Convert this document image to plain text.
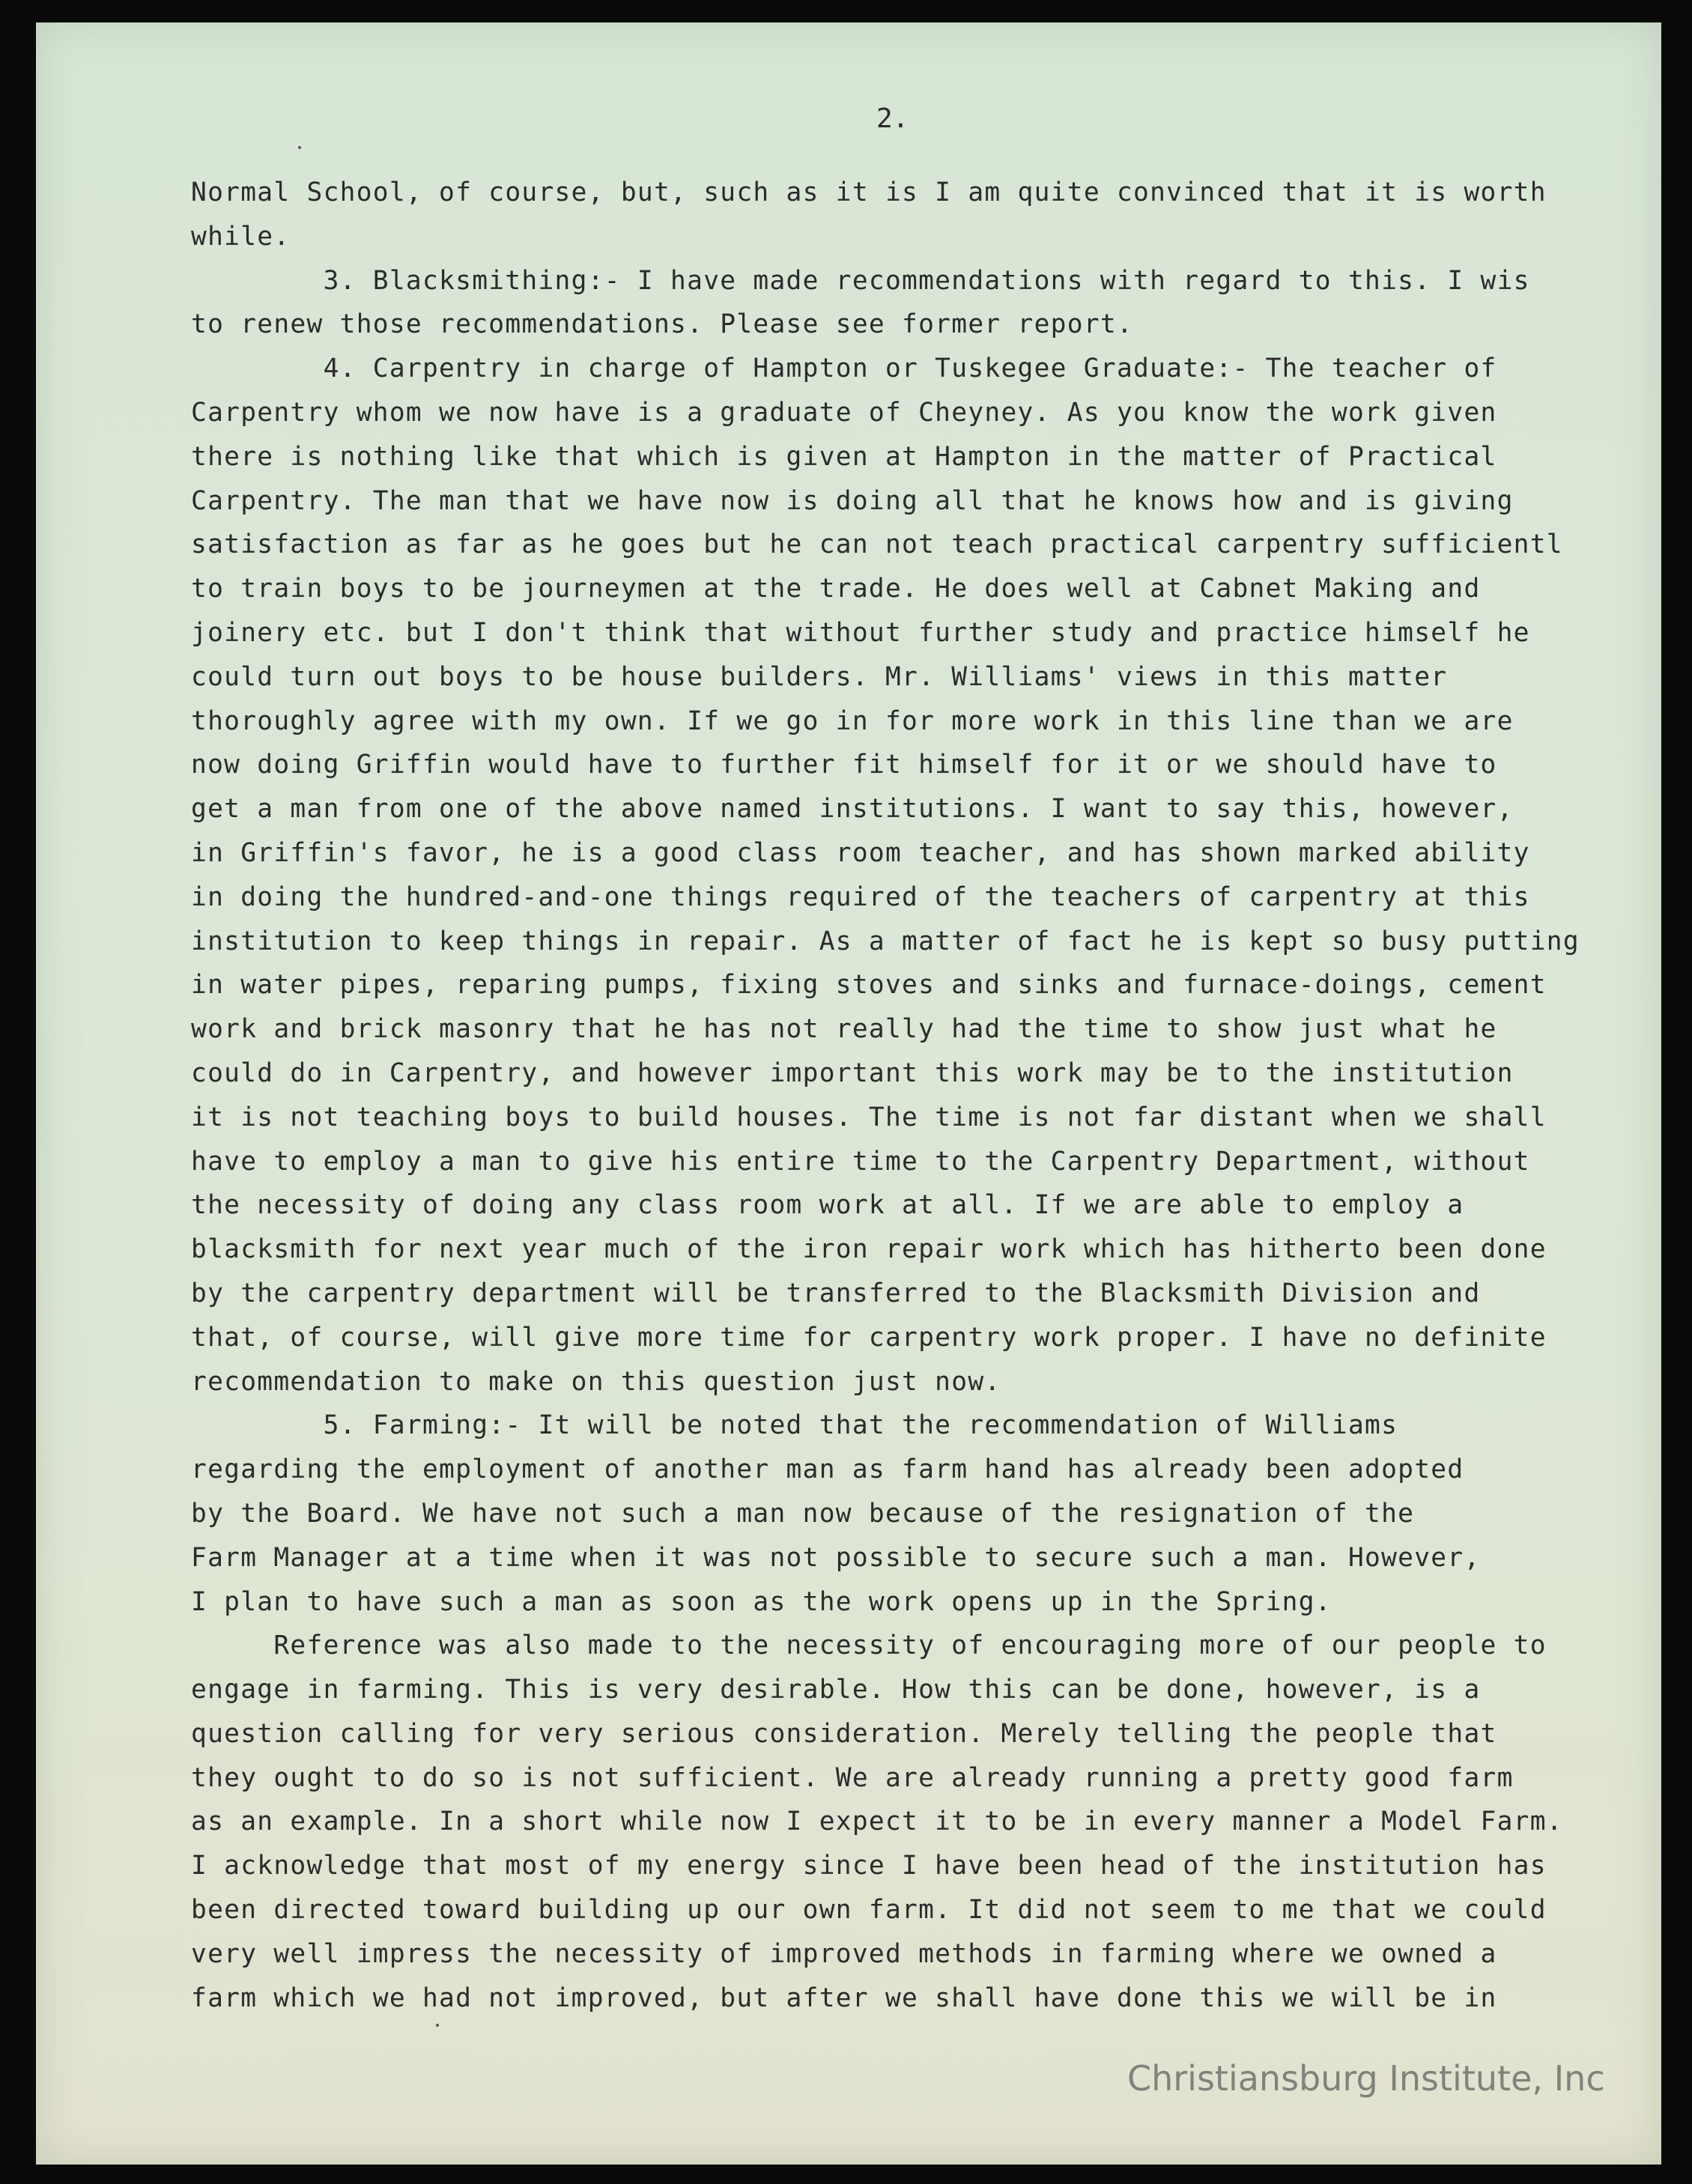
2.
Normal School, of course, but, such as it is I am quite convinced that it is worth
while.
3. Blacksmithing:- I have made recommendations with regard to this. I wis
to renew those recommendations. Please see former report.
4. Carpentry in charge of Hampton or Tuskegee Graduate:- The teacher of
Carpentry whom we now have is a graduate of Cheyney. As you know the work given
there is nothing like that which is given at Hampton in the matter of Practical
Carpentry. The man that we have now is doing all that he knows how and is giving
satisfaction as far as he goes but he can not teach practical carpentry sufficientl
to train boys to be journeymen at the trade. He does well at Cabnet Making and
joinery etc. but I don't think that without further study and practice himself he
could turn out boys to be house builders. Mr. Williams' views in this matter
thoroughly agree with my own. If we go in for more work in this line than we are
now doing Griffin would have to further fit himself for it or we should have to
get a man from one of the above named institutions. I want to say this, however,
in Griffin's favor, he is a good class room teacher, and has shown marked ability
in doing the hundred-and-one things required of the teachers of carpentry at this
institution to keep things in repair. As a matter of fact he is kept so busy putting
in water pipes, reparing pumps, fixing stoves and sinks and furnace-doings, cement
work and brick masonry that he has not really had the time to show just what he
could do in Carpentry, and however important this work may be to the institution
it is not teaching boys to build houses. The time is not far distant when we shall
have to employ a man to give his entire time to the Carpentry Department, without
the necessity of doing any class room work at all. If we are able to employ a
blacksmith for next year much of the iron repair work which has hitherto been done
by the carpentry department will be transferred to the Blacksmith Division and
that, of course, will give more time for carpentry work proper. I have no definite
recommendation to make on this question just now.
5. Farming:- It will be noted that the recommendation of Williams
regarding the employment of another man as farm hand has already been adopted
by the Board. We have not such a man now because of the resignation of the
Farm Manager at a time when it was not possible to secure such a man. However,
I plan to have such a man as soon as the work opens up in the Spring.
Reference was also made to the necessity of encouraging more of our people to
engage in farming. This is very desirable. How this can be done, however, is a
question calling for very serious consideration. Merely telling the people that
they ought to do so is not sufficient. We are already running a pretty good farm
as an example. In a short while now I expect it to be in every manner a Model Farm.
I acknowledge that most of my energy since I have been head of the institution has
been directed toward building up our own farm. It did not seem to me that we could
very well impress the necessity of improved methods in farming where we owned a
farm which we had not improved, but after we shall have done this we will be in
Christiansburg Institute, Inc
